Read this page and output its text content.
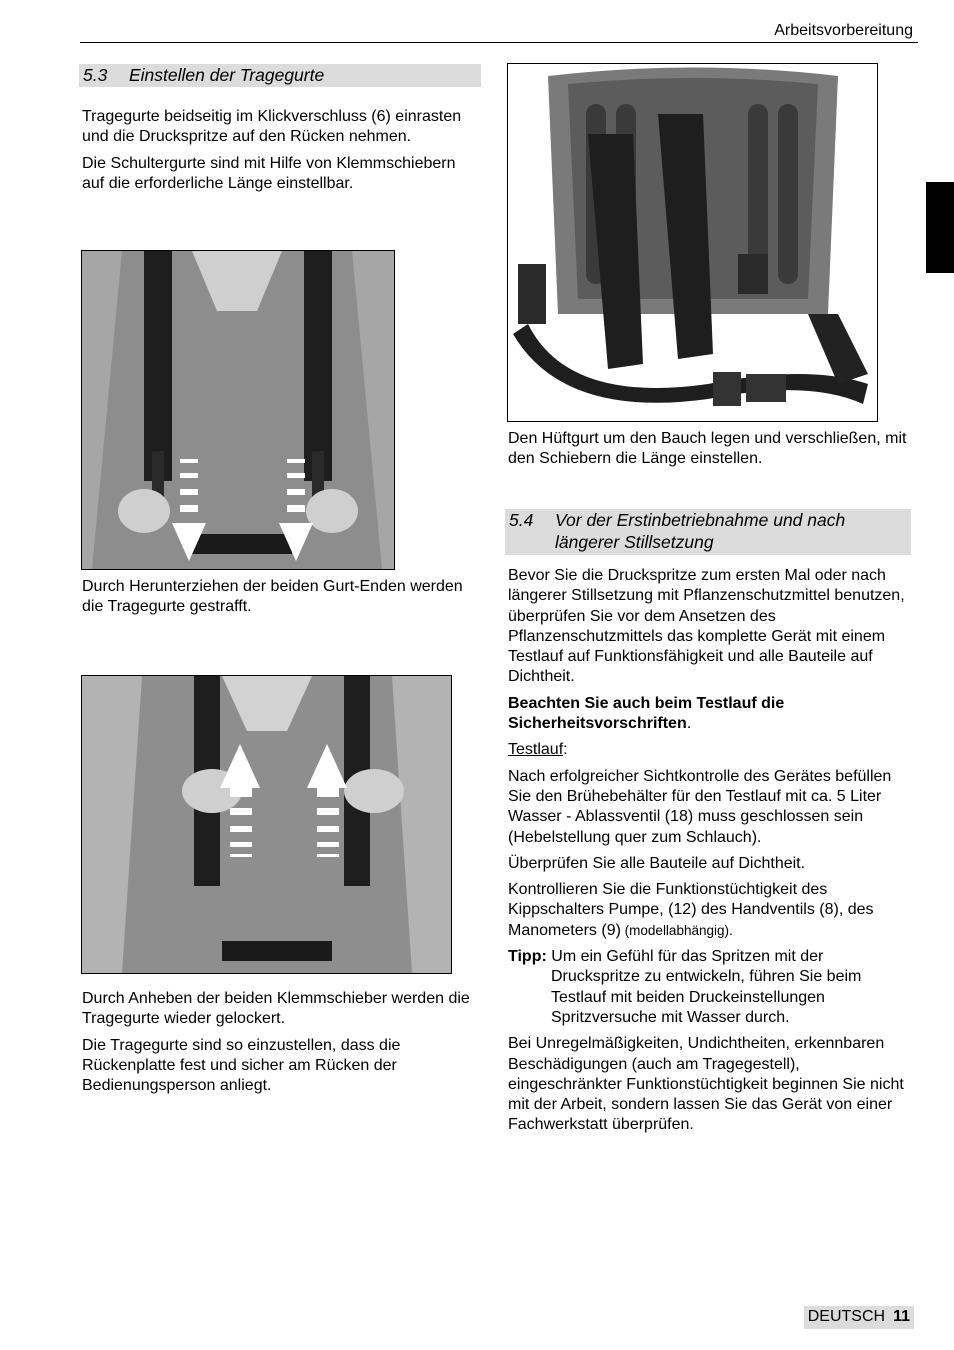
Arbeitsvorbereitung
5.3	Einstellen der Tragegurte

Tragegurte beidseitig im Klickverschluss (6) einrasten und die Druckspritze auf den Rücken nehmen.

Die Schultergurte sind mit Hilfe von Klemmschiebern auf die erforderliche Länge einstellbar.

Durch Herunterziehen der beiden Gurt-Enden werden die Tragegurte gestrafft.

Durch Anheben der beiden Klemmschieber werden die Tragegurte wieder gelockert.

Die Tragegurte sind so einzustellen, dass die Rückenplatte fest und sicher am Rücken der Bedienungsperson anliegt.

Den Hüftgurt um den Bauch legen und verschließen, mit den Schiebern die Länge einstellen.

5.4	Vor der Erstinbetriebnahme und nach
längerer Stillsetzung

Bevor Sie die Druckspritze zum ersten Mal oder nach längerer Stillsetzung mit Pflanzenschutzmittel benutzen, überprüfen Sie vor dem Ansetzen des Pflanzenschutzmittels das komplette Gerät mit einem Testlauf auf Funktionsfähigkeit und alle Bauteile auf Dichtheit.

Beachten Sie auch beim Testlauf die Sicherheitsvorschriften.

Testlauf:

Nach erfolgreicher Sichtkontrolle des Gerätes befüllen Sie den Brühebehälter für den Testlauf mit ca. 5 Liter Wasser - Ablassventil (18) muss geschlossen sein (Hebelstellung quer zum Schlauch).

Überprüfen Sie alle Bauteile auf Dichtheit.

Kontrollieren Sie die Funktionstüchtigkeit des Kippschalters Pumpe, (12) des Handventils (8), des Manometers (9) (modellabhängig).

Tipp: Um ein Gefühl für das Spritzen mit der
Druckspritze zu entwickeln, führen Sie beim Testlauf mit beiden Druckeinstellungen Spritzversuche mit Wasser durch.

Bei Unregelmäßigkeiten, Undichtheiten, erkennbaren Beschädigungen (auch am Tragegestell), eingeschränkter Funktionstüchtigkeit beginnen Sie nicht mit der Arbeit, sondern lassen Sie das Gerät von einer Fachwerkstatt überprüfen.

DEUTSCH 11
